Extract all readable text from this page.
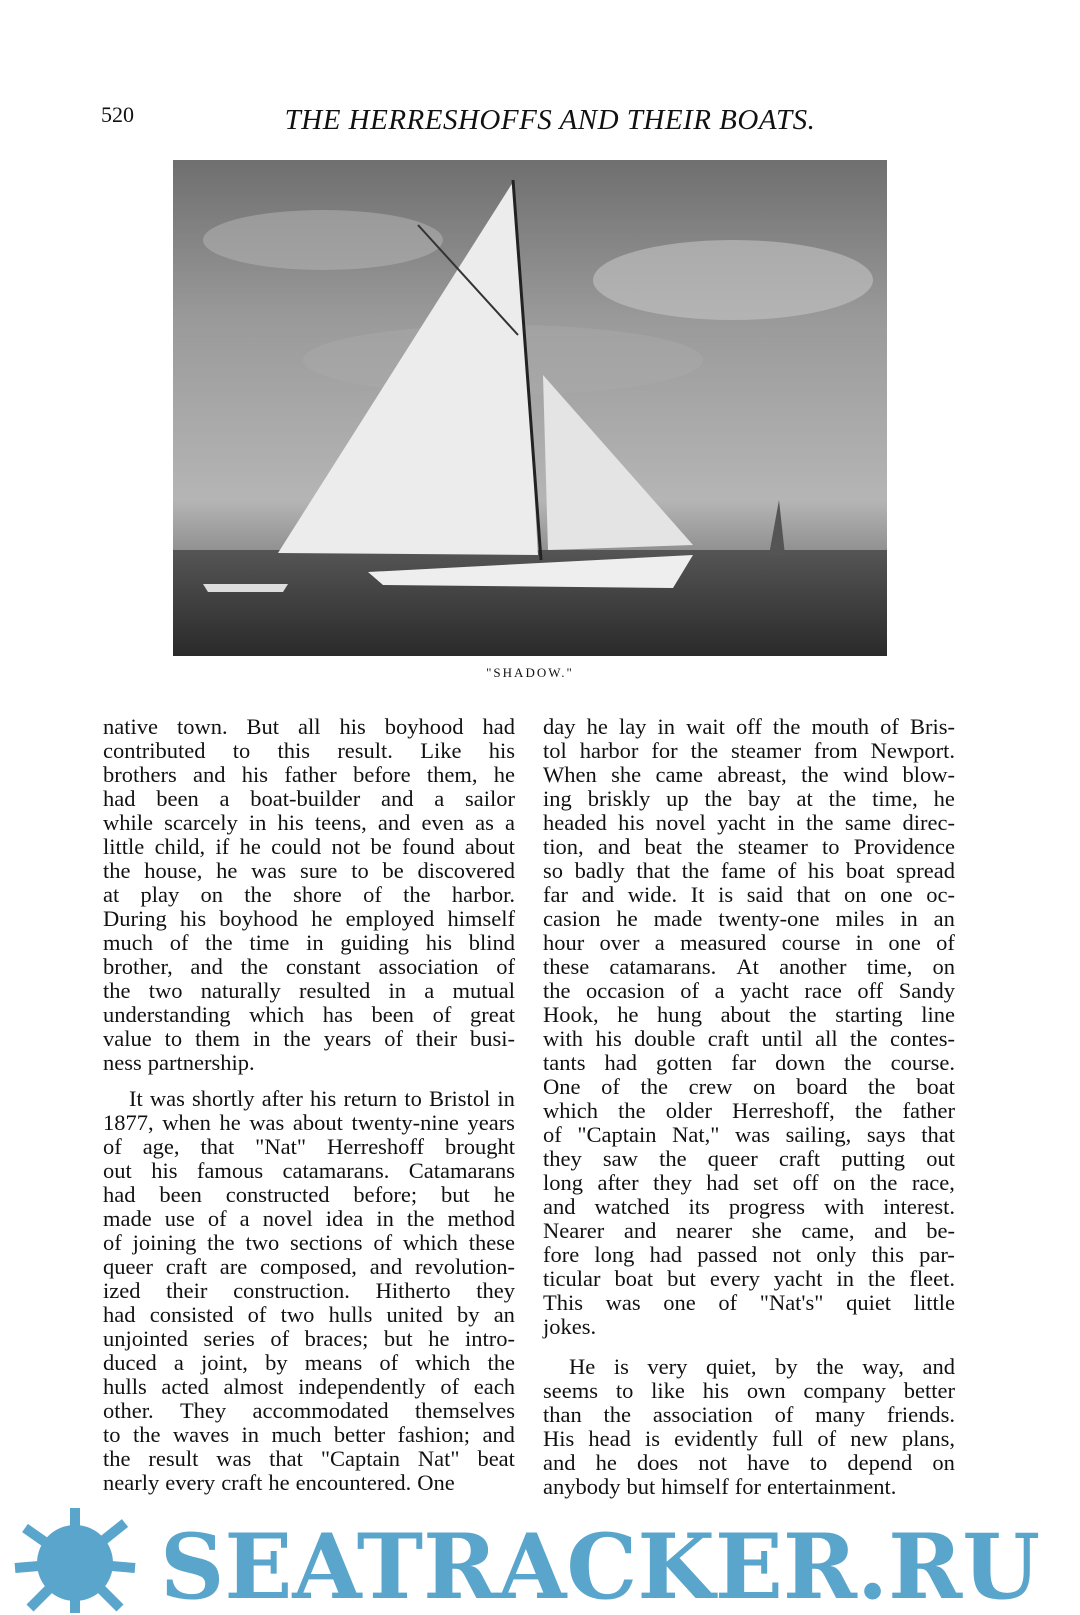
520	THE HERRESHOFFS AND THEIR BOATS.
"SHADOW."
native town. But all his boyhood had
contributed to this result. Like his
brothers and his father before them, he
had been a boat-builder and a sailor
while scarcely in his teens, and even as a
little child, if he could not be found about
the house, he was sure to be discovered
at play on the shore of the harbor.
During his boyhood he employed himself
much of the time in guiding his blind
brother, and the constant association of
the two naturally resulted in a mutual
understanding which has been of great
value to them in the years of their busi-
ness partnership.
It was shortly after his return to Bristol in
1877, when he was about twenty-nine years
of age, that "Nat" Herreshoff brought
out his famous catamarans. Catamarans
had been constructed before; but he
made use of a novel idea in the method
of joining the two sections of which these
queer craft are composed, and revolution-
ized their construction. Hitherto they
had consisted of two hulls united by an
unjointed series of braces; but he intro-
duced a joint, by means of which the
hulls acted almost independently of each
other. They accommodated themselves
to the waves in much better fashion; and
the result was that "Captain Nat" beat
nearly every craft he encountered. One
day he lay in wait off the mouth of Bris-
tol harbor for the steamer from Newport.
When she came abreast, the wind blow-
ing briskly up the bay at the time, he
headed his novel yacht in the same direc-
tion, and beat the steamer to Providence
so badly that the fame of his boat spread
far and wide. It is said that on one oc-
casion he made twenty-one miles in an
hour over a measured course in one of
these catamarans. At another time, on
the occasion of a yacht race off Sandy
Hook, he hung about the starting line
with his double craft until all the contes-
tants had gotten far down the course.
One of the crew on board the boat
which the older Herreshoff, the father
of "Captain Nat," was sailing, says that
they saw the queer craft putting out
long after they had set off on the race,
and watched its progress with interest.
Nearer and nearer she came, and be-
fore long had passed not only this par-
ticular boat but every yacht in the fleet.
This was one of "Nat's" quiet little
jokes.
He is very quiet, by the way, and
seems to like his own company better
than the association of many friends.
His head is evidently full of new plans,
and he does not have to depend on
anybody but himself for entertainment.
SEATRACKER.RU
